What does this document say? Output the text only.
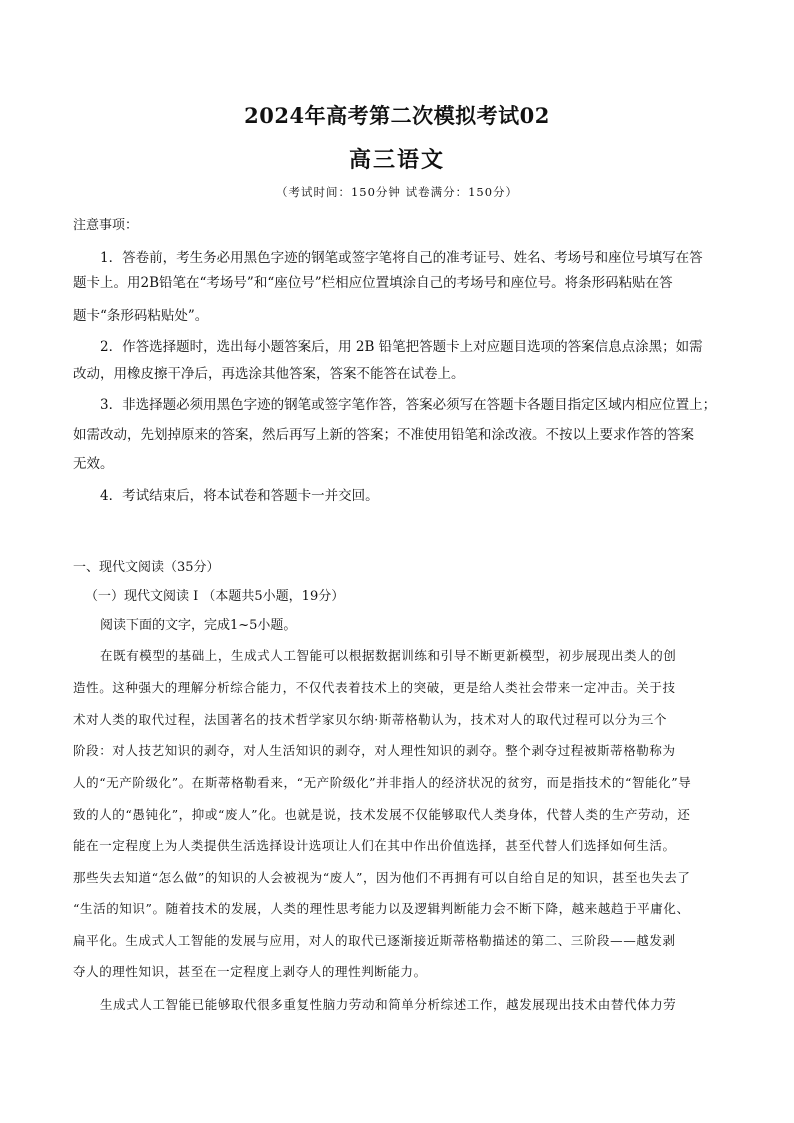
2024年高考第二次模拟考试02
高三语文
（考试时间：150分钟 试卷满分：150分）
注意事项：
1．答卷前，考生务必用黑色字迹的钢笔或签字笔将自己的准考证号、姓名、考场号和座位号填写在答
题卡上。用2B铅笔在“考场号”和“座位号”栏相应位置填涂自己的考场号和座位号。将条形码粘贴在答
题卡“条形码粘贴处”。
2．作答选择题时，选出每小题答案后，用 2B 铅笔把答题卡上对应题目选项的答案信息点涂黑；如需
改动，用橡皮擦干净后，再选涂其他答案，答案不能答在试卷上。
3．非选择题必须用黑色字迹的钢笔或签字笔作答，答案必须写在答题卡各题目指定区域内相应位置上；
如需改动，先划掉原来的答案，然后再写上新的答案；不准使用铅笔和涂改液。不按以上要求作答的答案
无效。
4．考试结束后，将本试卷和答题卡一并交回。
一、现代文阅读（35分）
（一）现代文阅读 I （本题共5小题，19分）
阅读下面的文字，完成1~5小题。
在既有模型的基础上，生成式人工智能可以根据数据训练和引导不断更新模型，初步展现出类人的创
造性。这种强大的理解分析综合能力，不仅代表着技术上的突破，更是给人类社会带来一定冲击。关于技
术对人类的取代过程，法国著名的技术哲学家贝尔纳·斯蒂格勒认为，技术对人的取代过程可以分为三个
阶段：对人技艺知识的剥夺，对人生活知识的剥夺，对人理性知识的剥夺。整个剥夺过程被斯蒂格勒称为
人的“无产阶级化”。在斯蒂格勒看来，“无产阶级化”并非指人的经济状况的贫穷，而是指技术的“智能化”导
致的人的“愚钝化”，抑或“废人”化。也就是说，技术发展不仅能够取代人类身体，代替人类的生产劳动，还
能在一定程度上为人类提供生活选择设计选项让人们在其中作出价值选择，甚至代替人们选择如何生活。
那些失去知道“怎么做”的知识的人会被视为“废人”，因为他们不再拥有可以自给自足的知识，甚至也失去了
“生活的知识”。随着技术的发展，人类的理性思考能力以及逻辑判断能力会不断下降，越来越趋于平庸化、
扁平化。生成式人工智能的发展与应用，对人的取代已逐渐接近斯蒂格勒描述的第二、三阶段——越发剥
夺人的理性知识，甚至在一定程度上剥夺人的理性判断能力。
生成式人工智能已能够取代很多重复性脑力劳动和简单分析综述工作，越发展现出技术由替代体力劳
